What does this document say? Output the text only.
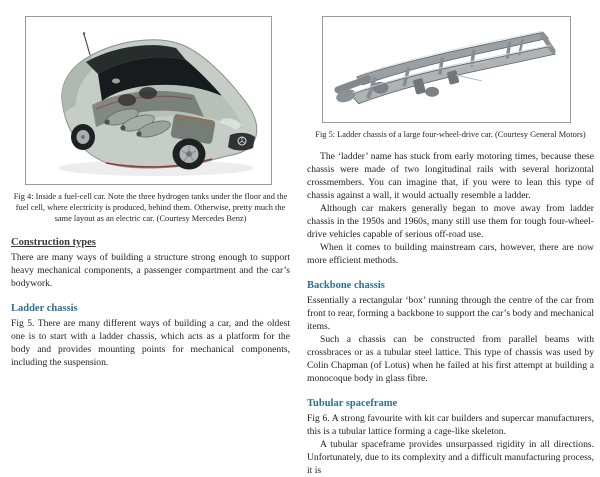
Fig 4: Inside a fuel-cell car. Note the three hydrogen tanks under the floor and the fuel cell, where electricity is produced, behind them. Otherwise, pretty much the same layout as an electric car. (Courtesy Mercedes Benz)
Construction types

There are many ways of building a structure strong enough to support heavy mechanical components, a passenger compartment and the car’s bodywork.

Ladder chassis

Fig 5. There are many different ways of building a car, and the oldest one is to start with a ladder chassis, which acts as a platform for the body and provides mounting points for mechanical components, including the suspension.

Fig 5: Ladder chassis of a large four-wheel-drive car. (Courtesy General Motors)

The ‘ladder’ name has stuck from early motoring times, because these chassis were made of two longitudinal rails with several horizontal crossmembers. You can imagine that, if you were to lean this type of chassis against a wall, it would actually resemble a ladder.

Although car makers generally began to move away from ladder chassis in the 1950s and 1960s, many still use them for tough four-wheel-drive vehicles capable of serious off-road use.

When it comes to building mainstream cars, however, there are now more efficient methods.

Backbone chassis

Essentially a rectangular ‘box’ running through the centre of the car from front to rear, forming a backbone to support the car’s body and mechanical items.

Such a chassis can be constructed from parallel beams with crossbraces or as a tubular steel lattice. This type of chassis was used by Colin Chapman (of Lotus) when he failed at his first attempt at building a monocoque body in glass fibre.

Tubular spaceframe

Fig 6. A strong favourite with kit car builders and supercar manufacturers, this is a tubular lattice forming a cage-like skeleton.

A tubular spaceframe provides unsurpassed rigidity in all directions. Unfortunately, due to its complexity and a difficult manufacturing process, it is
